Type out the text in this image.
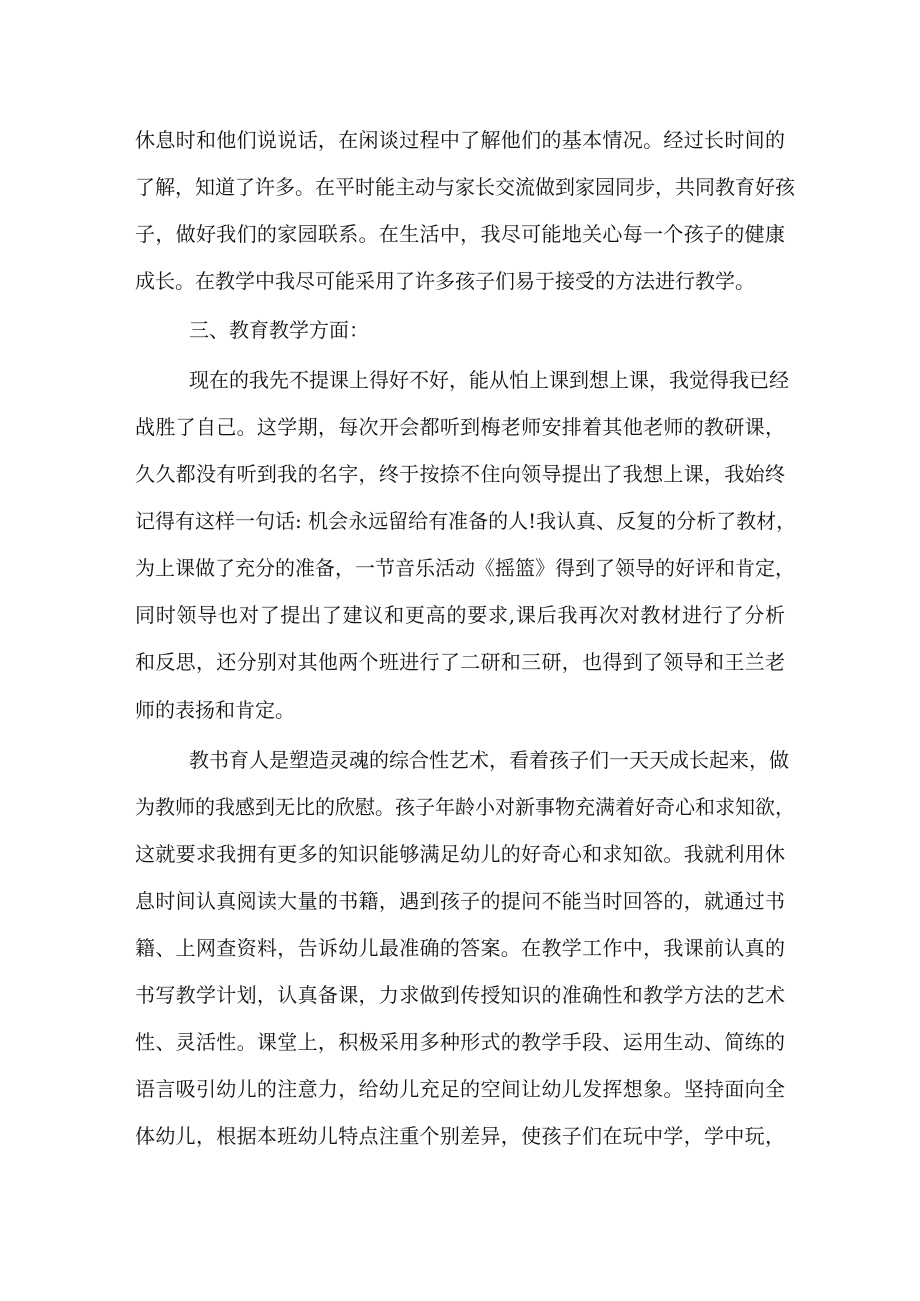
休息时和他们说说话，在闲谈过程中了解他们的基本情况。经过长时间的
了解，知道了许多。在平时能主动与家长交流做到家园同步，共同教育好孩
子，做好我们的家园联系。在生活中，我尽可能地关心每一个孩子的健康
成长。在教学中我尽可能采用了许多孩子们易于接受的方法进行教学。
三、教育教学方面：
现在的我先不提课上得好不好，能从怕上课到想上课，我觉得我已经
战胜了自己。这学期，每次开会都听到梅老师安排着其他老师的教研课，
久久都没有听到我的名字，终于按捺不住向领导提出了我想上课，我始终
记得有这样一句话: 机会永远留给有准备的人!我认真、反复的分析了教材，
为上课做了充分的准备，一节音乐活动《摇篮》得到了领导的好评和肯定，
同时领导也对了提出了建议和更高的要求,课后我再次对教材进行了分析
和反思，还分别对其他两个班进行了二研和三研，也得到了领导和王兰老
师的表扬和肯定。
教书育人是塑造灵魂的综合性艺术，看着孩子们一天天成长起来，做
为教师的我感到无比的欣慰。孩子年龄小对新事物充满着好奇心和求知欲，
这就要求我拥有更多的知识能够满足幼儿的好奇心和求知欲。我就利用休
息时间认真阅读大量的书籍，遇到孩子的提问不能当时回答的，就通过书
籍、上网查资料，告诉幼儿最准确的答案。在教学工作中，我课前认真的
书写教学计划，认真备课，力求做到传授知识的准确性和教学方法的艺术
性、灵活性。课堂上，积极采用多种形式的教学手段、运用生动、简练的
语言吸引幼儿的注意力，给幼儿充足的空间让幼儿发挥想象。坚持面向全
体幼儿，根据本班幼儿特点注重个别差异，使孩子们在玩中学，学中玩，
